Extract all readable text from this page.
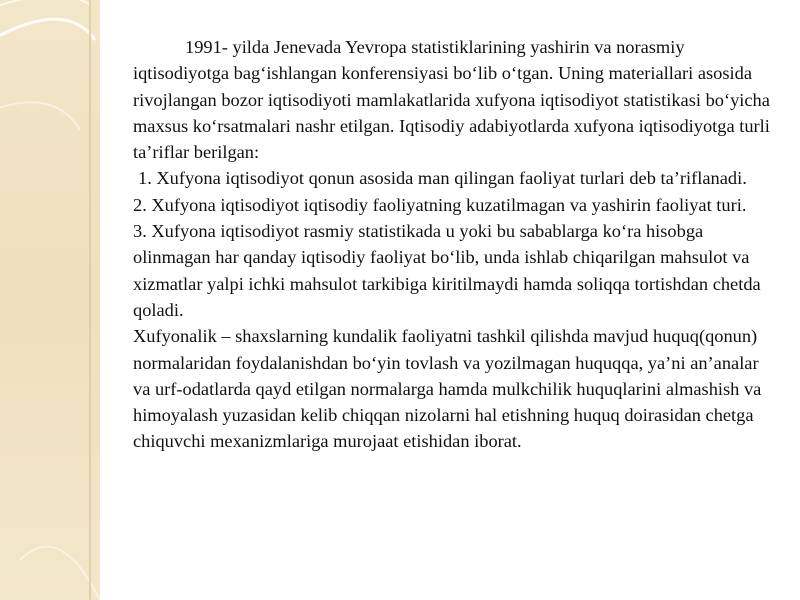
1991- yilda Jenevada Yevropa statistiklarining yashirin va norasmiy iqtisodiyotga bag‘ishlangan konferensiyasi bo‘lib o‘tgan. Uning materiallari asosida rivojlangan bozor iqtisodiyoti mamlakatlarida xufyona iqtisodiyot statistikasi bo‘yicha maxsus ko‘rsatmalari nashr etilgan. Iqtisodiy adabiyotlarda xufyona iqtisodiyotga turli ta’riflar berilgan:

1. Xufyona iqtisodiyot qonun asosida man qilingan faoliyat turlari deb ta’riflanadi.

2. Xufyona iqtisodiyot iqtisodiy faoliyatning kuzatilmagan va yashirin faoliyat turi.

3. Xufyona iqtisodiyot rasmiy statistikada u yoki bu sabablarga ko‘ra hisobga olinmagan har qanday iqtisodiy faoliyat bo‘lib, unda ishlab chiqarilgan mahsulot va xizmatlar yalpi ichki mahsulot tarkibiga kiritilmaydi hamda soliqqa tortishdan chetda qoladi.

Xufyonalik – shaxslarning kundalik faoliyatni tashkil qilishda mavjud huquq(qonun) normalaridan foydalanishdan bo‘yin tovlash va yozilmagan huquqqa, ya’ni an’analar va urf-odatlarda qayd etilgan normalarga hamda mulkchilik huquqlarini almashish va himoyalash yuzasidan kelib chiqqan nizolarni hal etishning huquq doirasidan chetga chiquvchi mexanizmlariga murojaat etishidan iborat.
